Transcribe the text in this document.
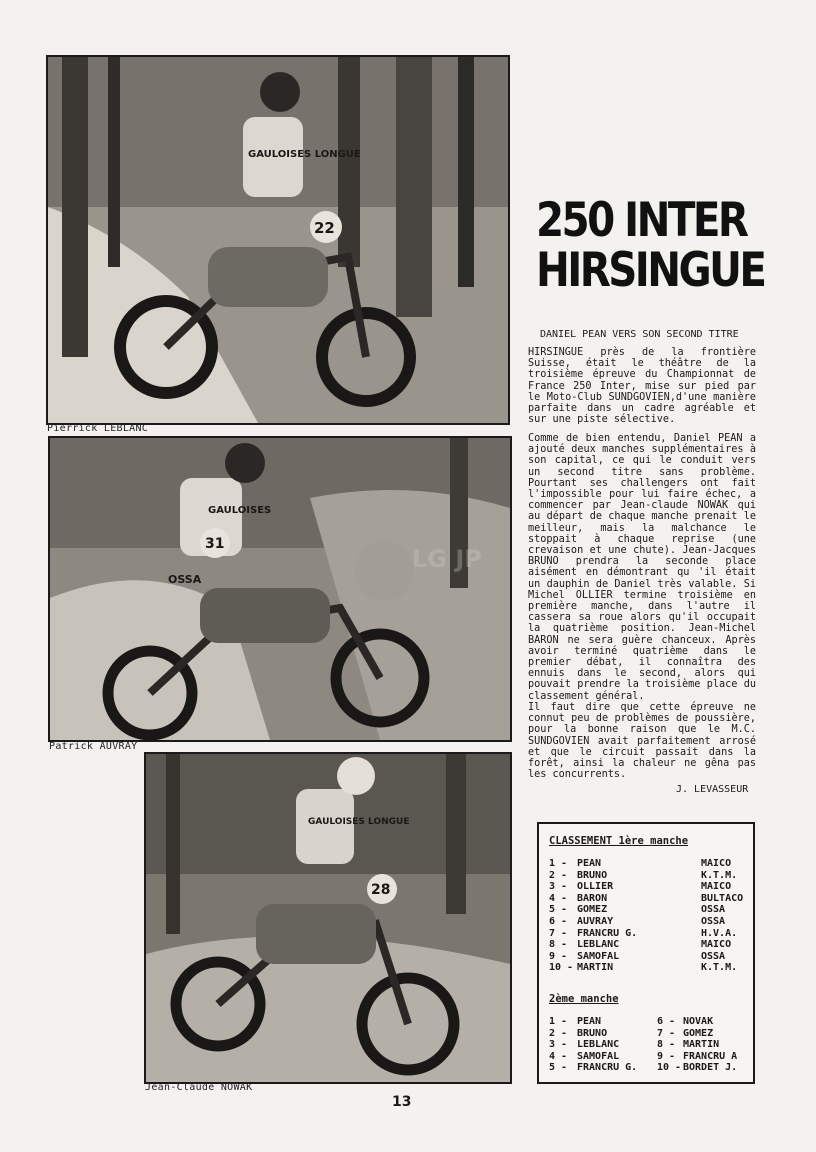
GAULOISES LONGUE
22
Pierrick LEBLANC
GAULOISES
OSSA
31
Patrick AUVRAY
GAULOISES LONGUE
28
Jean-Claude NOWAK
LG JP
250 INTER
HIRSINGUE
DANIEL PEAN VERS SON SECOND TITRE
HIRSINGUE près de la frontière Suisse, était le théâtre de la troisième épreuve du Championnat de France 250 Inter, mise sur pied par le Moto-Club SUNDGOVIEN,d'une manière parfaite dans un cadre agréable et sur une piste sélective.
Comme de bien entendu, Daniel PEAN a ajouté deux manches supplémentaires à son capital, ce qui le conduit vers un second titre sans problème. Pourtant ses challengers ont fait l'impossible pour lui faire échec, a commencer par Jean-claude NOWAK qui au départ de chaque manche prenait le meilleur, mais la malchance le stoppait à chaque reprise (une crevaison et une chute). Jean-Jacques BRUNO prendra la seconde place aisément en démontrant qu 'il était un dauphin de Daniel très valable. Si Michel OLLIER termine troisième en première manche, dans l'autre il cassera sa roue alors qu'il occupait la quatrième position. Jean-Michel BARON ne sera guère chanceux. Après avoir terminé quatrième dans le premier débat, il connaîtra des ennuis dans le second, alors qui pouvait prendre la troisième place du classement général.
Il faut dire que cette épreuve ne connut peu de problèmes de poussière, pour la bonne raison que le M.C. SUNDGOVIEN avait parfaitement arrosé et que le circuit passait dans la forêt, ainsi la chaleur ne gêna pas les concurrents.
J. LEVASSEUR
CLASSEMENT 1ère manche
1 - PEAN	MAICO
2 - BRUNO	K.T.M.
3 - OLLIER	MAICO
4 - BARON	BULTACO
5 - GOMEZ	OSSA
6 - AUVRAY	OSSA
7 - FRANCRU G.	H.V.A.
8 - LEBLANC	MAICO
9 - SAMOFAL	OSSA
10 - MARTIN	K.T.M.
2ème manche
1 - PEAN	6 - NOVAK
2 - BRUNO	7 - GOMEZ
3 - LEBLANC	8 - MARTIN
4 - SAMOFAL	9 - FRANCRU A
5 - FRANCRU G.	10 - BORDET J.
13
